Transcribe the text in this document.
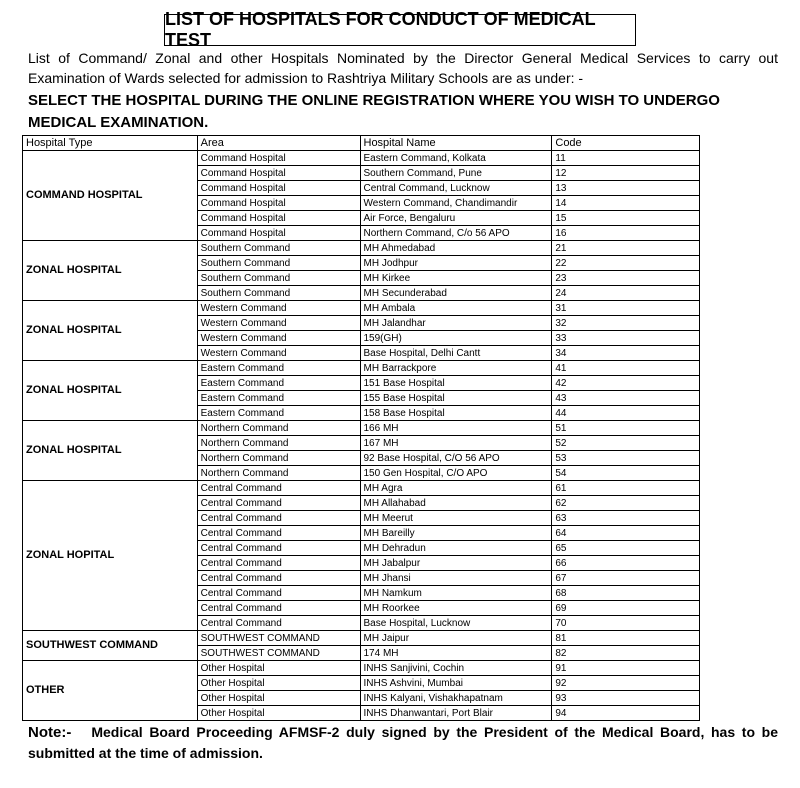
LIST OF HOSPITALS FOR CONDUCT OF MEDICAL TEST
List of Command/ Zonal and other Hospitals Nominated by the Director General Medical Services to carry out Examination of Wards selected for admission to Rashtriya Military Schools are as under: -
SELECT THE HOSPITAL DURING THE ONLINE REGISTRATION WHERE YOU WISH TO UNDERGO MEDICAL EXAMINATION.
Hospital Type	Area	Hospital Name	Code
COMMAND HOSPITAL	Command Hospital	Eastern Command, Kolkata	11
	Command Hospital	Southern Command, Pune	12
	Command Hospital	Central Command, Lucknow	13
	Command Hospital	Western Command, Chandimandir	14
	Command Hospital	Air Force, Bengaluru	15
	Command Hospital	Northern Command, C/o 56 APO	16
ZONAL HOSPITAL	Southern Command	MH Ahmedabad	21
	Southern Command	MH Jodhpur	22
	Southern Command	MH Kirkee	23
	Southern Command	MH Secunderabad	24
ZONAL HOSPITAL	Western Command	MH Ambala	31
	Western Command	MH Jalandhar	32
	Western Command	159(GH)	33
	Western Command	Base Hospital, Delhi Cantt	34
ZONAL HOSPITAL	Eastern Command	MH Barrackpore	41
	Eastern Command	151 Base Hospital	42
	Eastern Command	155 Base Hospital	43
	Eastern Command	158 Base Hospital	44
ZONAL HOSPITAL	Northern Command	166 MH	51
	Northern Command	167 MH	52
	Northern Command	92 Base Hospital, C/O 56 APO	53
	Northern Command	150 Gen Hospital, C/O APO	54
ZONAL HOPITAL	Central Command	MH Agra	61
	Central Command	MH Allahabad	62
	Central Command	MH Meerut	63
	Central Command	MH Bareilly	64
	Central Command	MH Dehradun	65
	Central Command	MH Jabalpur	66
	Central Command	MH Jhansi	67
	Central Command	MH Namkum	68
	Central Command	MH Roorkee	69
	Central Command	Base Hospital, Lucknow	70
SOUTHWEST COMMAND	SOUTHWEST COMMAND	MH Jaipur	81
	SOUTHWEST COMMAND	174 MH	82
OTHER	Other Hospital	INHS Sanjivini, Cochin	91
	Other Hospital	INHS Ashvini, Mumbai	92
	Other Hospital	INHS Kalyani, Vishakhapatnam	93
	Other Hospital	INHS Dhanwantari, Port Blair	94
Note:- Medical Board Proceeding AFMSF-2 duly signed by the President of the Medical Board, has to be submitted at the time of admission.
